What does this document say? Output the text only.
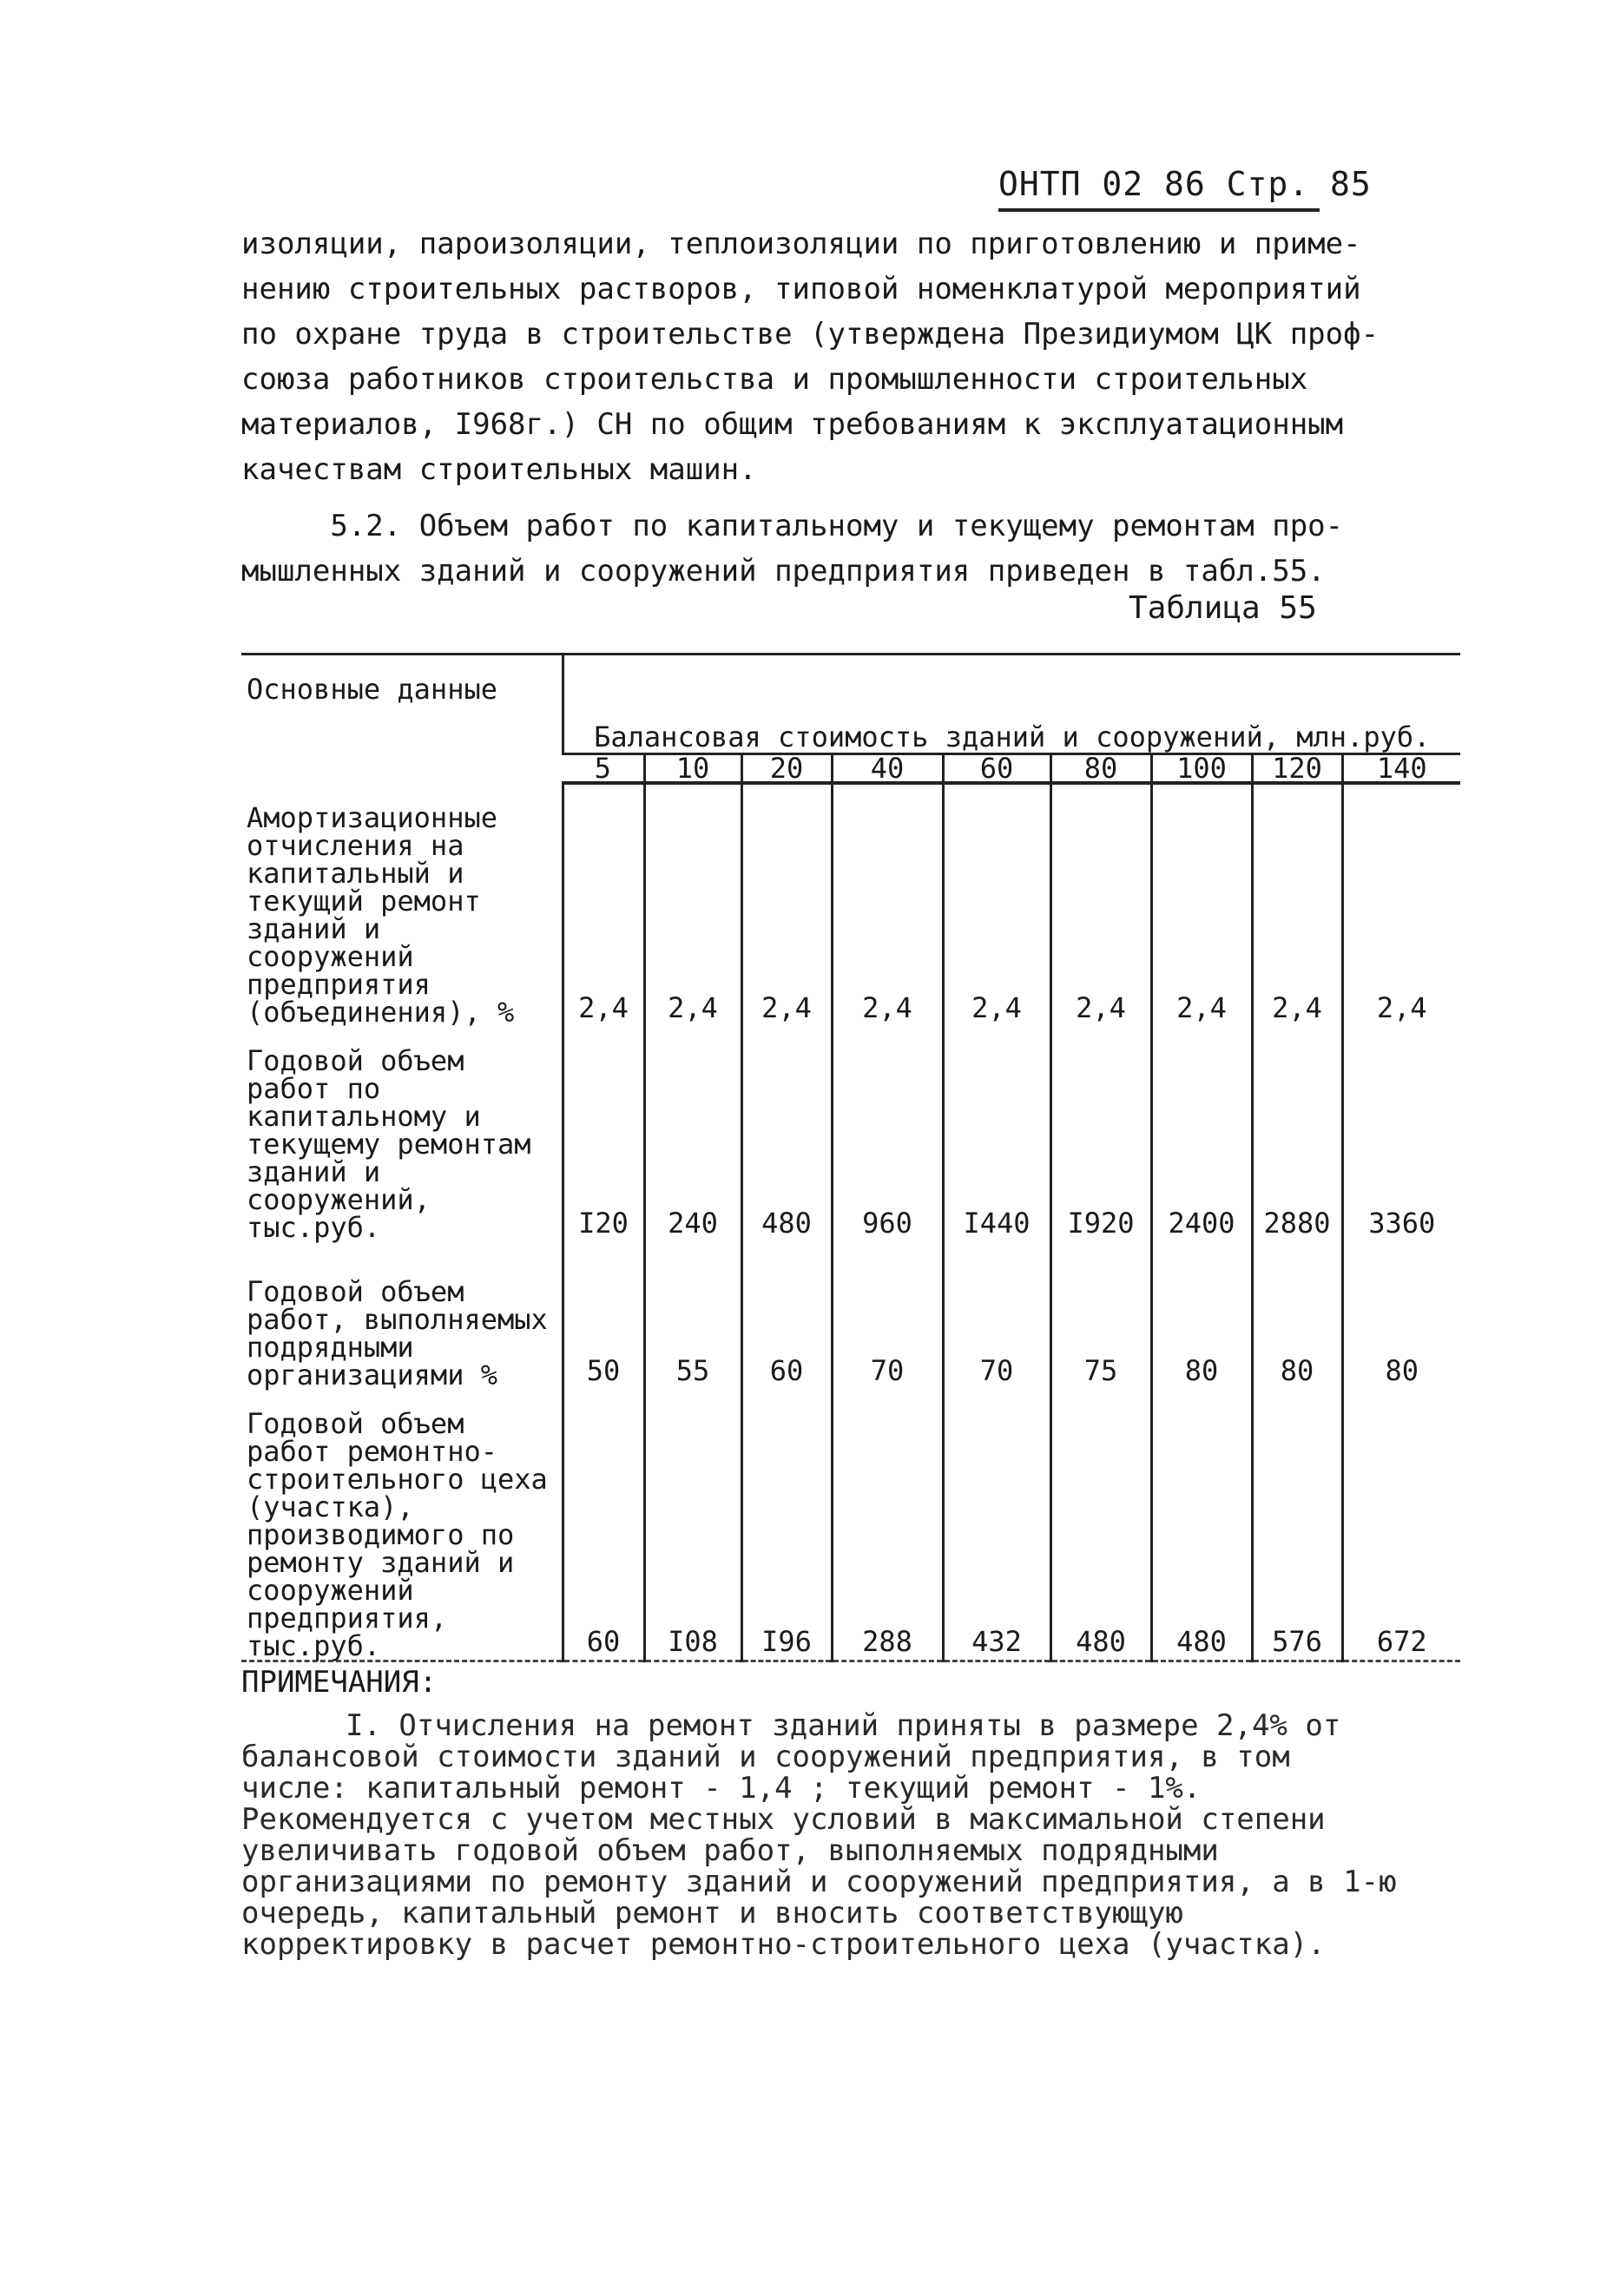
ОНТП 02 86 Стр. 85

изоляции, пароизоляции, теплоизоляции по приготовлению и приме-

нению строительных растворов, типовой номенклатурой мероприятий

по охране труда в строительстве (утверждена Президиумом ЦК проф-

союза работников строительства и промышленности строительных

материалов, I968г.) СН по общим требованиям к эксплуатационным

качествам строительных машин.

5.2. Объем работ по капитальному и текущему ремонтам про-

мышленных зданий и сооружений предприятия приведен в табл.55.

Таблица 55
Основные данные	Балансовая стоимость зданий и сооружений, млн.руб.								
	5	10	20	40	60	80	100	120	140
Амортизационные отчисления на капитальный и текущий ремонт зданий и сооружений предприятия (объединения), %	2,4	2,4	2,4	2,4	2,4	2,4	2,4	2,4	2,4
Годовой объем работ по капитальному и текущему ремонтам зданий и сооружений, тыс.руб.	I20	240	480	960	I440	I920	2400	2880	3360
Годовой объем работ, выполняемых подрядными организациями %	50	55	60	70	70	75	80	80	80
Годовой объем работ ремонтно-строительного цеха (участка), производимого по ремонту зданий и сооружений предприятия, тыс.руб.	60	I08	I96	288	432	480	480	576	672
ПРИМЕЧАНИЯ:

I. Отчисления на ремонт зданий приняты в размере 2,4% от балансовой стоимости зданий и сооружений предприятия, в том числе: капитальный ремонт - 1,4 ; текущий ремонт - 1%. Рекомендуется с учетом местных условий в максимальной степени увеличивать годовой объем работ, выполняемых подрядными организациями по ремонту зданий и сооружений предприятия, а в 1-ю очередь, капитальный ремонт и вносить соответствующую корректировку в расчет ремонтно-строительного цеха (участка).
